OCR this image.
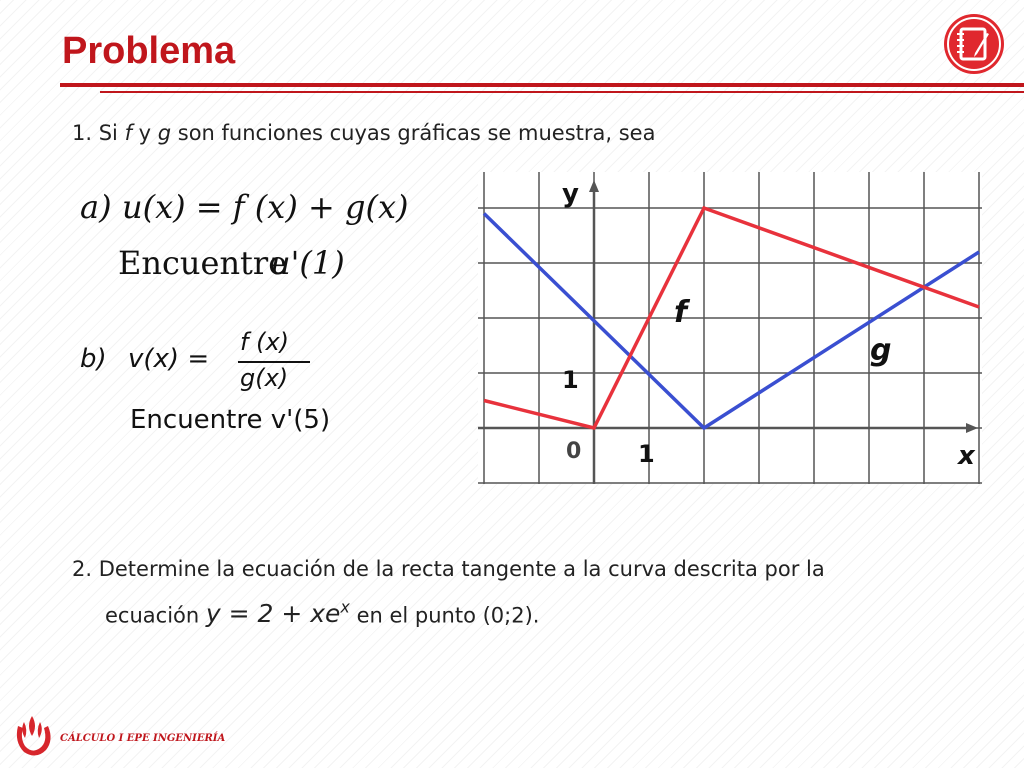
Problema
1. Si f y g son funciones cuyas gráficas se muestra, sea
a) u(x) = f (x) + g(x)
Encuentre
u'(1)
b) v(x) =
f (x)
g(x)
Encuentre v'(5)
y
x
f
g
0 1
1
2. Determine la ecuación de la recta tangente a la curva descrita por la
ecuación $y = 2 + xe^x$ en el punto (0;2).
CÁLCULO I EPE INGENIERÍA
